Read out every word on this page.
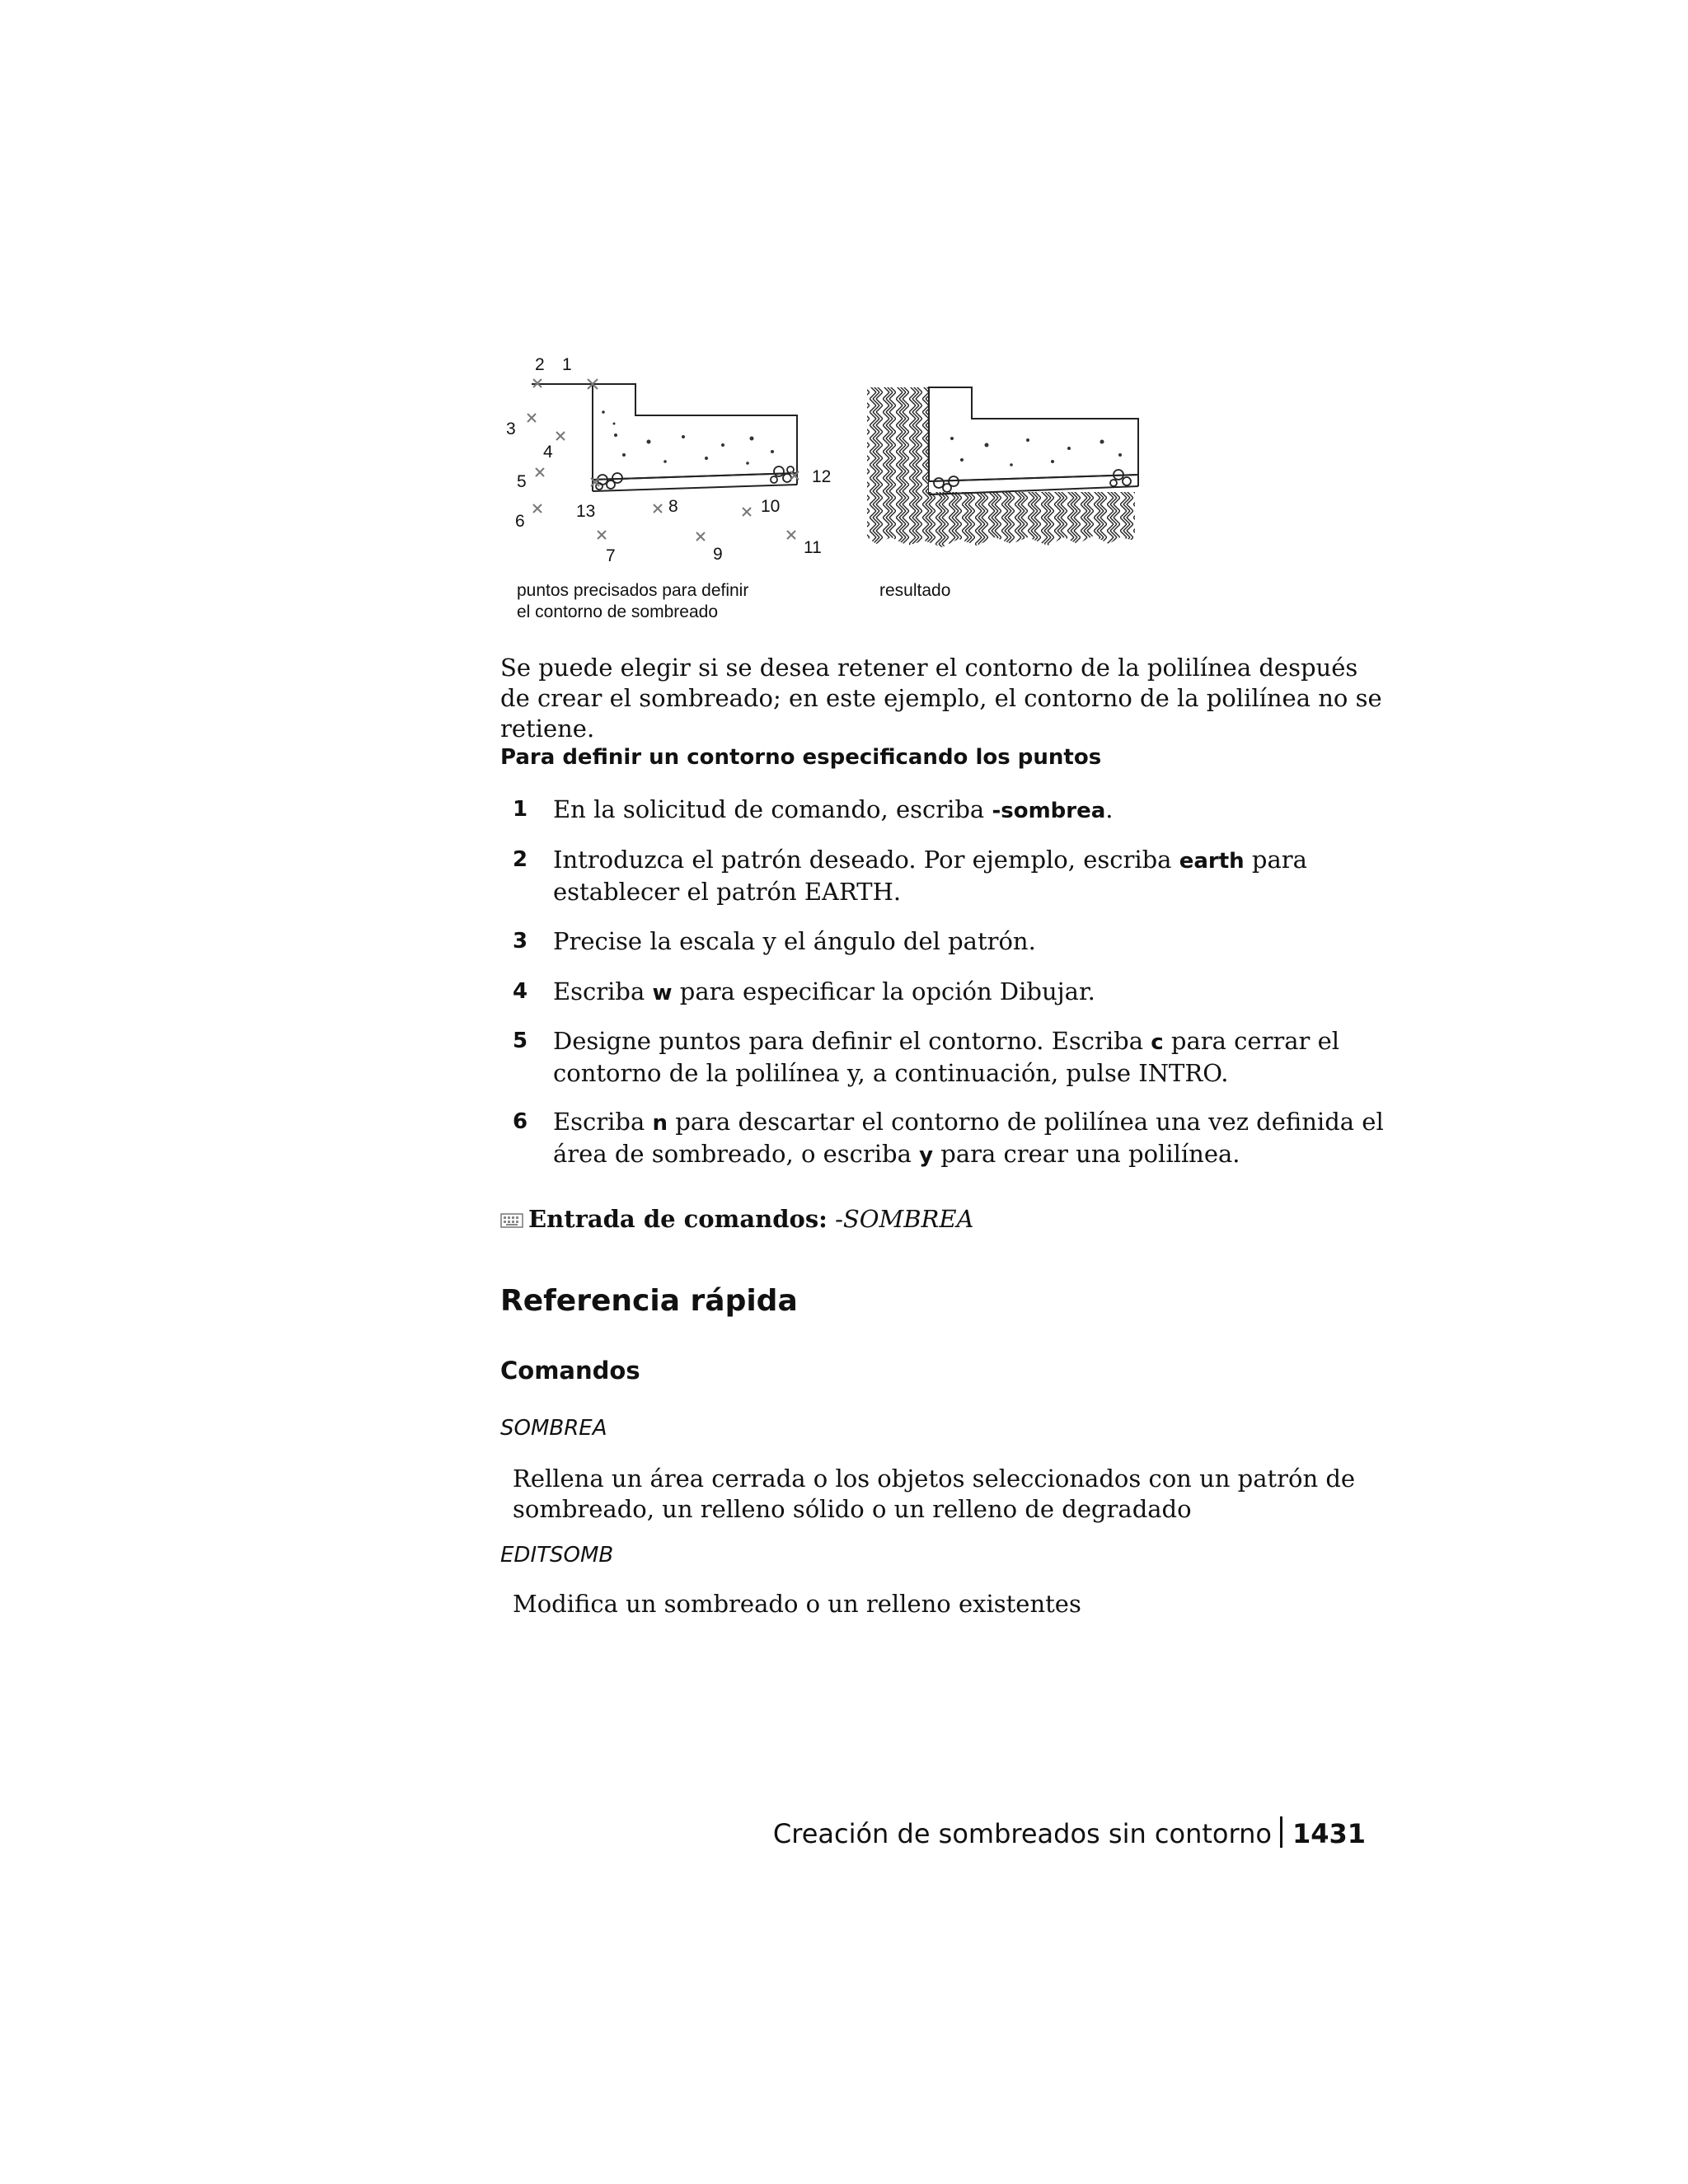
1
2
3
4
5
6
7
8
9
10
11
12
13
puntos precisados para definir
el contorno de sombreado
resultado
Se puede elegir si se desea retener el contorno de la polilínea después de crear el sombreado; en este ejemplo, el contorno de la polilínea no se retiene.
Para definir un contorno especificando los puntos
1 En la solicitud de comando, escriba -sombrea.
2 Introduzca el patrón deseado. Por ejemplo, escriba earth para establecer el patrón EARTH.
3 Precise la escala y el ángulo del patrón.
4 Escriba w para especificar la opción Dibujar.
5 Designe puntos para definir el contorno. Escriba c para cerrar el contorno de la polilínea y, a continuación, pulse INTRO.
6 Escriba n para descartar el contorno de polilínea una vez definida el área de sombreado, o escriba y para crear una polilínea.
Entrada de comandos: -SOMBREA
Referencia rápida
Comandos
SOMBREA
Rellena un área cerrada o los objetos seleccionados con un patrón de sombreado, un relleno sólido o un relleno de degradado
EDITSOMB
Modifica un sombreado o un relleno existentes
Creación de sombreados sin contorno 1431
